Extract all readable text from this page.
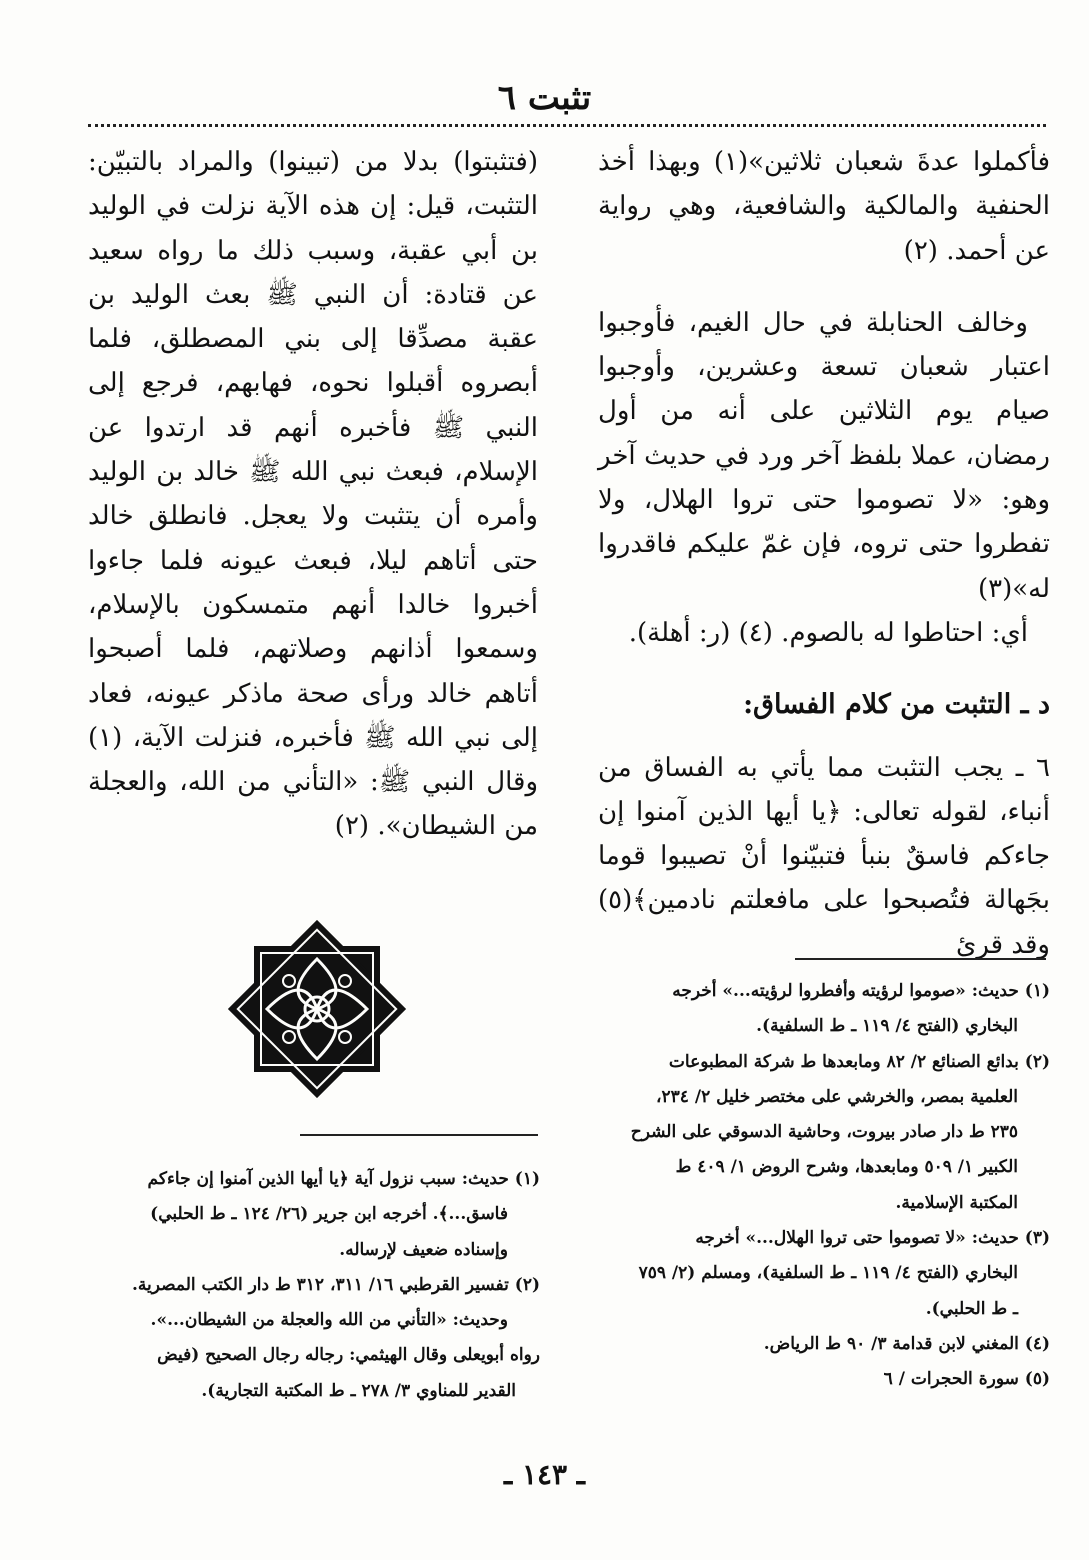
تثبت ٦

فأكملوا عدةَ شعبان ثلاثين»(١) وبهذا أخذ الحنفية والمالكية والشافعية، وهي رواية عن أحمد. (٢)

وخالف الحنابلة في حال الغيم، فأوجبوا اعتبار شعبان تسعة وعشرين، وأوجبوا صيام يوم الثلاثين على أنه من أول رمضان، عملا بلفظ آخر ورد في حديث آخر وهو: «لا تصوموا حتى تروا الهلال، ولا تفطروا حتى تروه، فإن غمّ عليكم فاقدروا له»(٣)

أي: احتاطوا له بالصوم. (٤) (ر: أهلة).

د ـ التثبت من كلام الفساق:

٦ ـ يجب التثبت مما يأتي به الفساق من أنباء، لقوله تعالى: ﴿يا أيها الذين آمنوا إن جاءكم فاسقٌ بنبأ فتبيّنوا أنْ تصيبوا قوما بجَهالة فتُصبحوا على مافعلتم نادمين﴾(٥) وقد قرئ

(فتثبتوا) بدلا من (تبينوا) والمراد بالتبيّن: التثبت، قيل: إن هذه الآية نزلت في الوليد بن أبي عقبة، وسبب ذلك ما رواه سعيد عن قتادة: أن النبي ﷺ بعث الوليد بن عقبة مصدِّقا إلى بني المصطلق، فلما أبصروه أقبلوا نحوه، فهابهم، فرجع إلى النبي ﷺ فأخبره أنهم قد ارتدوا عن الإسلام، فبعث نبي الله ﷺ خالد بن الوليد وأمره أن يتثبت ولا يعجل. فانطلق خالد حتى أتاهم ليلا، فبعث عيونه فلما جاءوا أخبروا خالدا أنهم متمسكون بالإسلام، وسمعوا أذانهم وصلاتهم، فلما أصبحوا أتاهم خالد ورأى صحة ماذكر عيونه، فعاد إلى نبي الله ﷺ فأخبره، فنزلت الآية، (١) وقال النبي ﷺ: «التأني من الله، والعجلة من الشيطان». (٢)

(١) حديث: «صوموا لرؤيته وأفطروا لرؤيته...» أخرجه

البخاري (الفتح ٤/ ١١٩ ـ ط السلفية).

(٢) بدائع الصنائع ٢/ ٨٢ ومابعدها ط شركة المطبوعات

العلمية بمصر، والخرشي على مختصر خليل ٢/ ٢٣٤،

٢٣٥ ط دار صادر بيروت، وحاشية الدسوقي على الشرح

الكبير ١/ ٥٠٩ ومابعدها، وشرح الروض ١/ ٤٠٩ ط

المكتبة الإسلامية.

(٣) حديث: «لا تصوموا حتى تروا الهلال...» أخرجه

البخاري (الفتح ٤/ ١١٩ ـ ط السلفية)، ومسلم (٢/ ٧٥٩

ـ ط الحلبي).

(٤) المغني لابن قدامة ٣/ ٩٠ ط الرياض.

(٥) سورة الحجرات / ٦

(١) حديث: سبب نزول آية ﴿يا أيها الذين آمنوا إن جاءكم

فاسق...﴾. أخرجه ابن جرير (٢٦/ ١٢٤ ـ ط الحلبي)

وإسناده ضعيف لإرساله.

(٢) تفسير القرطبي ١٦/ ٣١١، ٣١٢ ط دار الكتب المصرية.

وحديث: «التأني من الله والعجلة من الشيطان...».

رواه أبويعلى وقال الهيثمي: رجاله رجال الصحيح (فيض

القدير للمناوي ٣/ ٢٧٨ ـ ط المكتبة التجارية).

ـ ١٤٣ ـ
